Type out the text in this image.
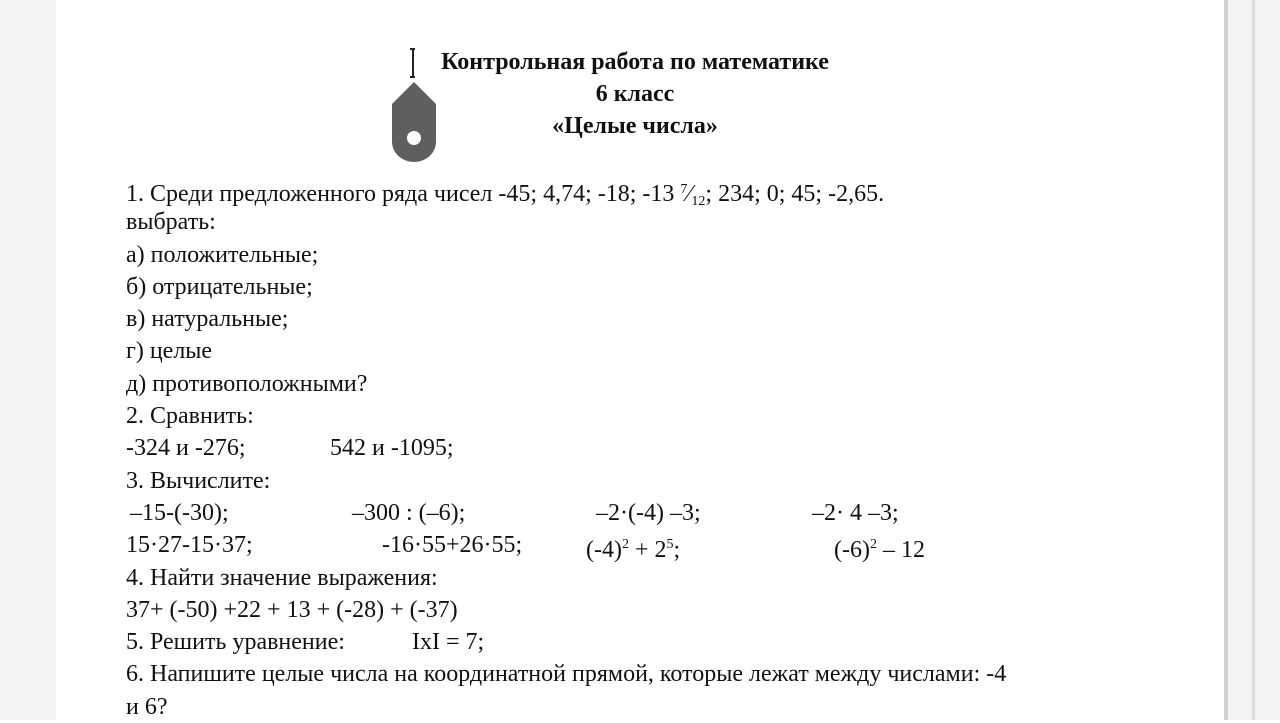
Контрольная работа по математике
6 класс
«Целые числа»
1. Среди предложенного ряда чисел -45; 4,74; -18; -13 $^7⁄_{12}$; 234; 0; 45; -2,65.
выбрать:
а) положительные;
б) отрицательные;
в) натуральные;
г) целые
д) противоположными?
2. Сравнить:
-324 и -276;	542 и -1095;
3. Вычислите:
–15-(-30);	–300 : (–6);	–2·(-4) –3;	–2· 4 –3;
15·27-15·37;	-16·55+26·55;	$(-4)^2 + 2^5$;	$(-6)^2 - 12$
4. Найти значение выражения:
37+ (-50) +22 + 13 + (-28) + (-37)
5. Решить уравнение:	IxI = 7;
6. Напишите целые числа на координатной прямой, которые лежат между числами: -4
и 6?
